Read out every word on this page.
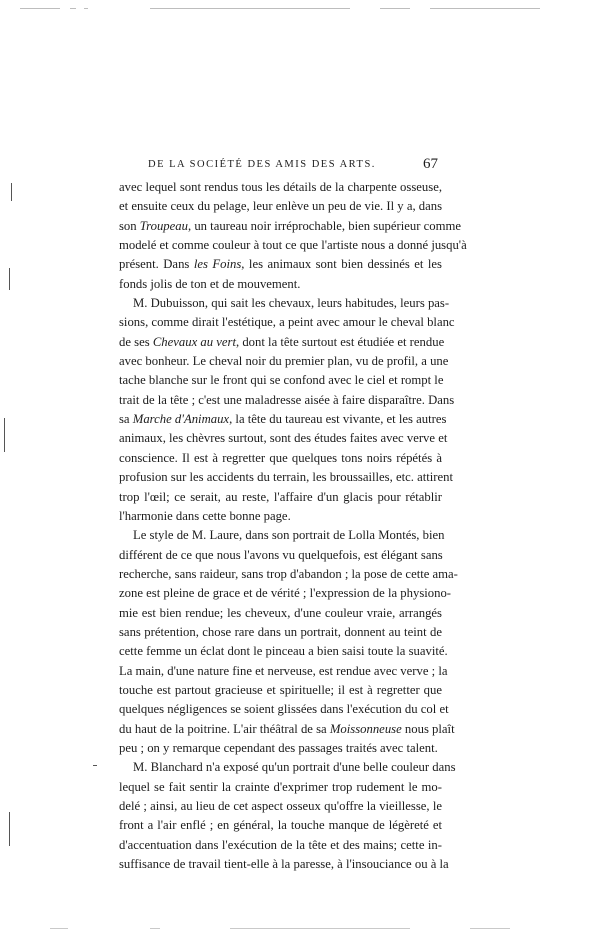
DE LA SOCIÉTÉ DES AMIS DES ARTS.	67
avec lequel sont rendus tous les détails de la charpente osseuse,
et ensuite ceux du pelage, leur enlève un peu de vie. Il y a, dans
son Troupeau, un taureau noir irréprochable, bien supérieur comme
modelé et comme couleur à tout ce que l'artiste nous a donné jusqu'à
présent. Dans les Foins, les animaux sont bien dessinés et les
fonds jolis de ton et de mouvement.
M. Dubuisson, qui sait les chevaux, leurs habitudes, leurs pas-
sions, comme dirait l'estétique, a peint avec amour le cheval blanc
de ses Chevaux au vert, dont la tête surtout est étudiée et rendue
avec bonheur. Le cheval noir du premier plan, vu de profil, a une
tache blanche sur le front qui se confond avec le ciel et rompt le
trait de la tête ; c'est une maladresse aisée à faire disparaître. Dans
sa Marche d'Animaux, la tête du taureau est vivante, et les autres
animaux, les chèvres surtout, sont des études faites avec verve et
conscience. Il est à regretter que quelques tons noirs répétés à
profusion sur les accidents du terrain, les broussailles, etc. attirent
trop l'œil; ce serait, au reste, l'affaire d'un glacis pour rétablir
l'harmonie dans cette bonne page.
Le style de M. Laure, dans son portrait de Lolla Montés, bien
différent de ce que nous l'avons vu quelquefois, est élégant sans
recherche, sans raideur, sans trop d'abandon ; la pose de cette ama-
zone est pleine de grace et de vérité ; l'expression de la physiono-
mie est bien rendue; les cheveux, d'une couleur vraie, arrangés
sans prétention, chose rare dans un portrait, donnent au teint de
cette femme un éclat dont le pinceau a bien saisi toute la suavité.
La main, d'une nature fine et nerveuse, est rendue avec verve ; la
touche est partout gracieuse et spirituelle; il est à regretter que
quelques négligences se soient glissées dans l'exécution du col et
du haut de la poitrine. L'air théâtral de sa Moissonneuse nous plaît
peu ; on y remarque cependant des passages traités avec talent.
M. Blanchard n'a exposé qu'un portrait d'une belle couleur dans
lequel se fait sentir la crainte d'exprimer trop rudement le mo-
delé ; ainsi, au lieu de cet aspect osseux qu'offre la vieillesse, le
front a l'air enflé ; en général, la touche manque de légèreté et
d'accentuation dans l'exécution de la tête et des mains; cette in-
suffisance de travail tient-elle à la paresse, à l'insouciance ou à la
